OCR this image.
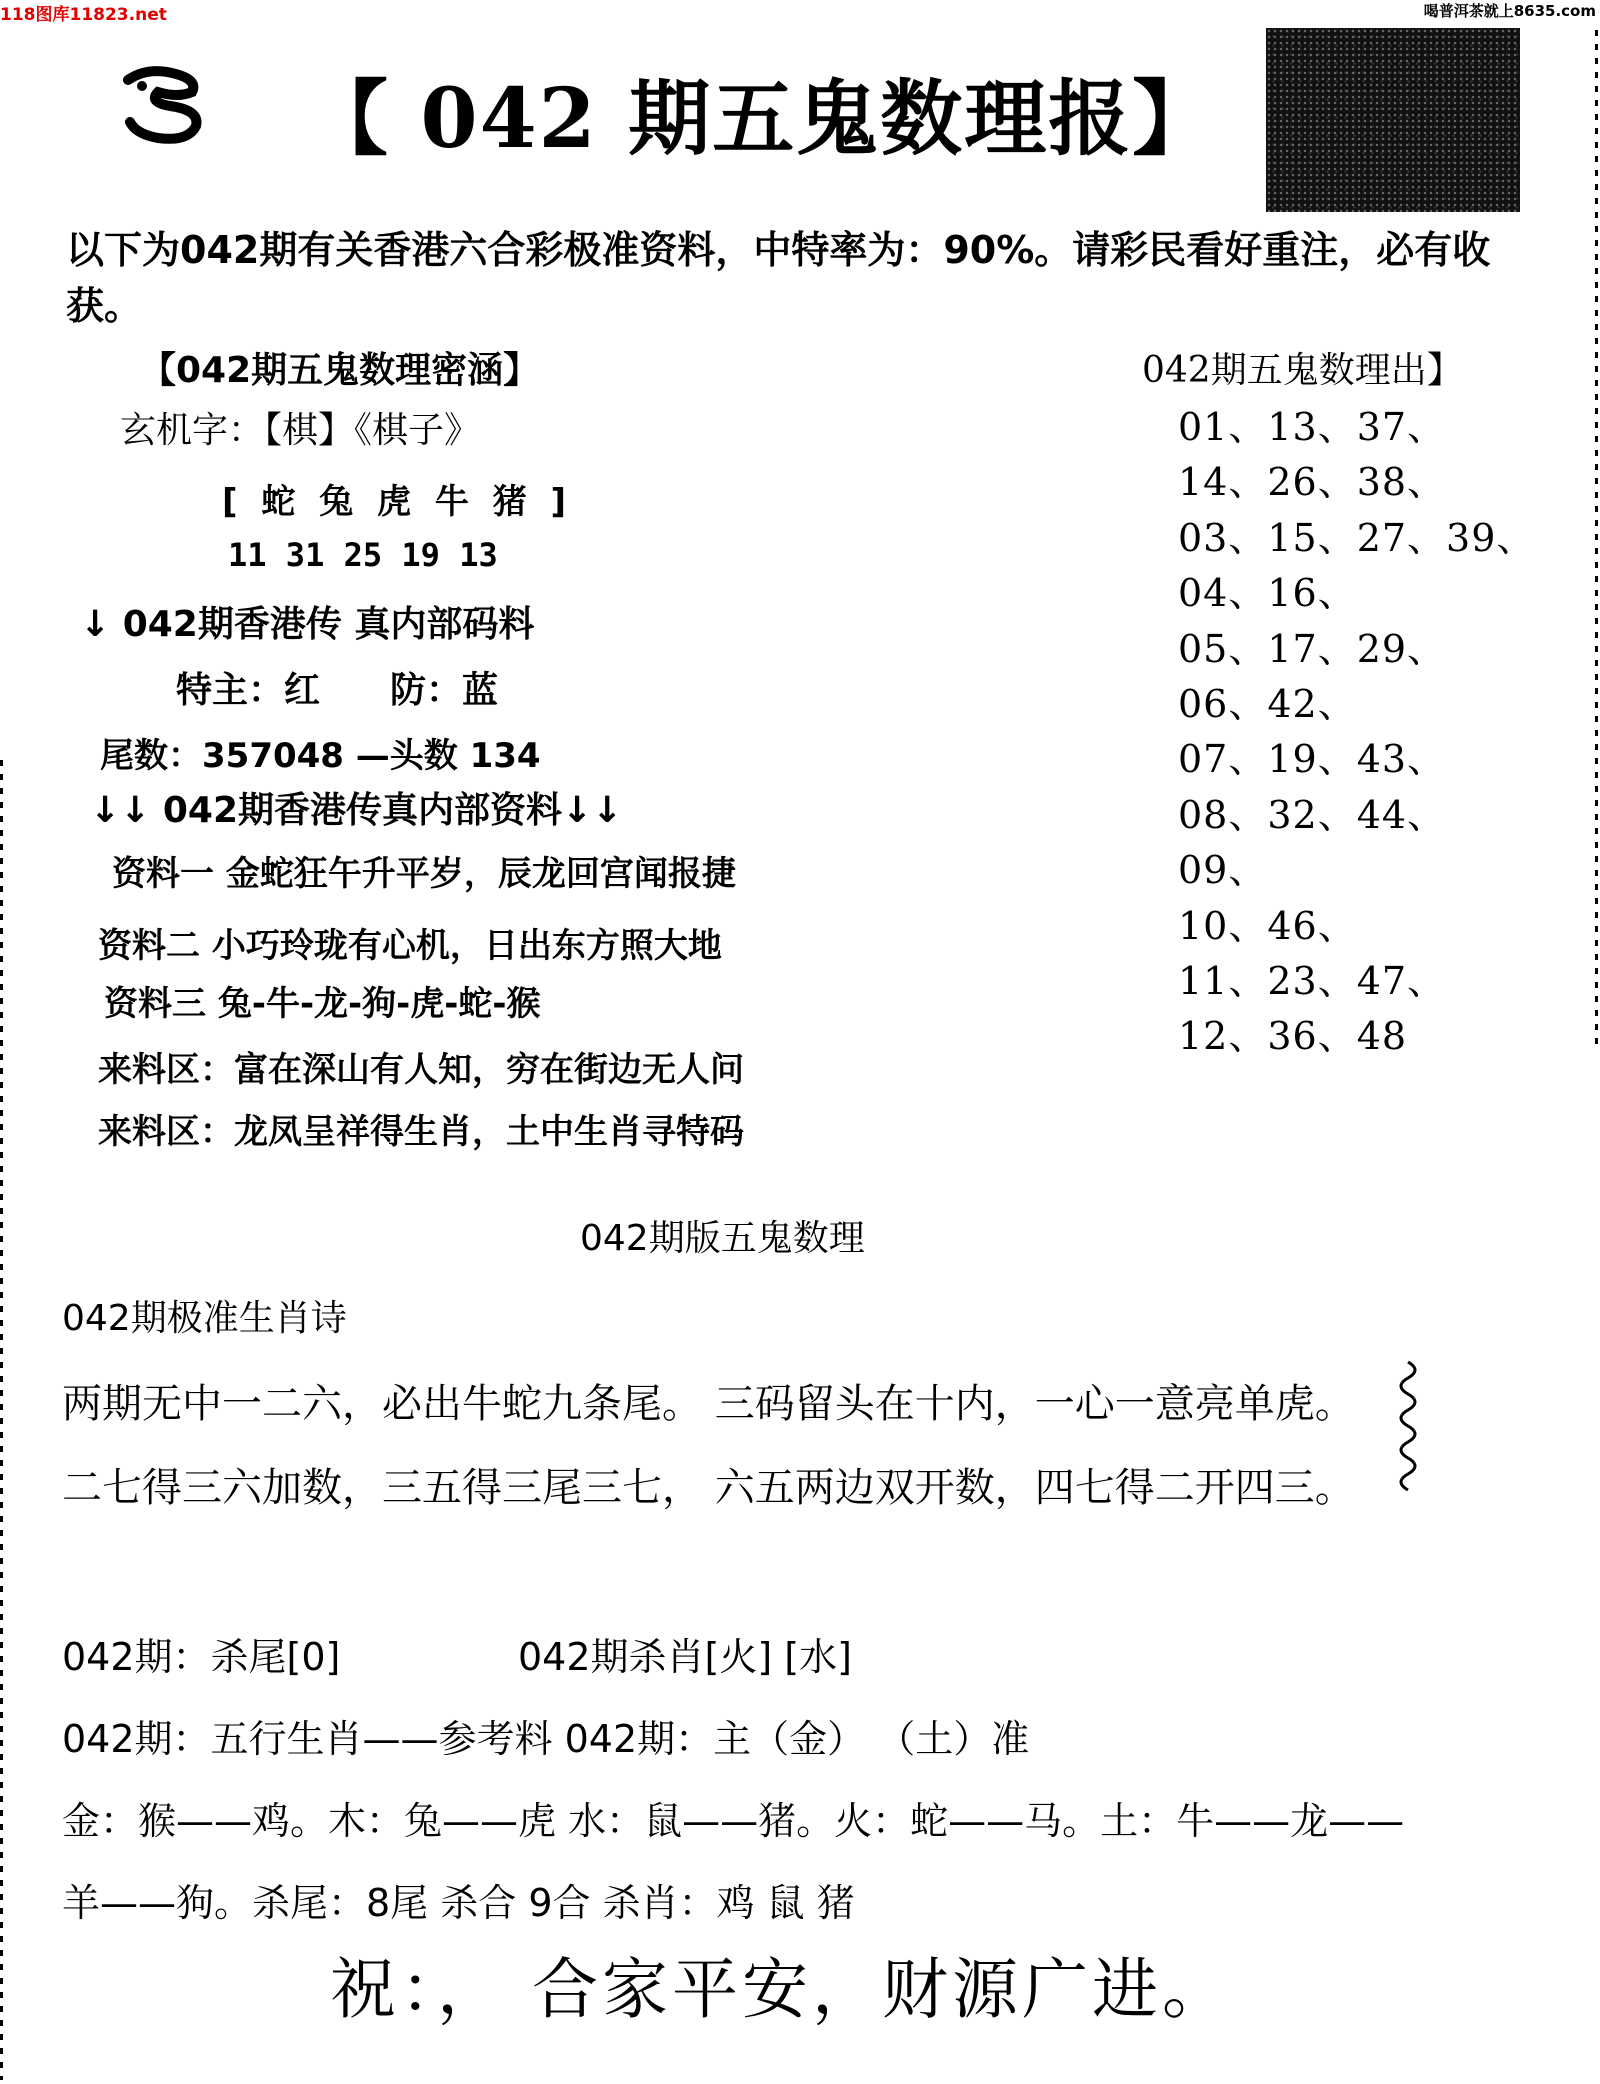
118图库11823.net	喝普洱茶就上8635.com
【 042 期五鬼数理报】
以下为042期有关香港六合彩极准资料，中特率为：90%。请彩民看好重注，必有收获。
【042期五鬼数理密涵】
玄机字：【棋】《棋子》
[ 蛇 兔 虎 牛 猪 ]
11 31 25 19 13
↓ 042期香港传 真内部码料
特主：红 防：蓝
尾数：357048 —头数 134
↓↓ 042期香港传真内部资料↓↓
资料一 金蛇狂午升平岁，辰龙回宫闻报捷
资料二 小巧玲珑有心机，日出东方照大地
资料三 兔-牛-龙-狗-虎-蛇-猴
来料区：富在深山有人知，穷在街边无人问
来料区：龙凤呈祥得生肖，土中生肖寻特码
042期五鬼数理出】
01、13、37、
14、26、38、
03、15、27、39、
04、16、
05、17、29、
06、42、
07、19、43、
08、32、44、
09、
10、46、
11、23、47、
12、36、48
042期版五鬼数理
042期极准生肖诗
两期无中一二六，必出牛蛇九条尾。 三码留头在十内，一心一意亮单虎。
二七得三六加数，三五得三尾三七， 六五两边双开数，四七得二开四三。
042期：杀尾[0]	042期杀肖[火] [水]
042期：五行生肖——参考料 042期：主（金） （土）准
金：猴——鸡。木：兔——虎 水：鼠——猪。火：蛇——马。土：牛——龙——
羊——狗。杀尾：8尾 杀合 9合 杀肖：鸡 鼠 猪
祝：， 合家平安，财源广进。
